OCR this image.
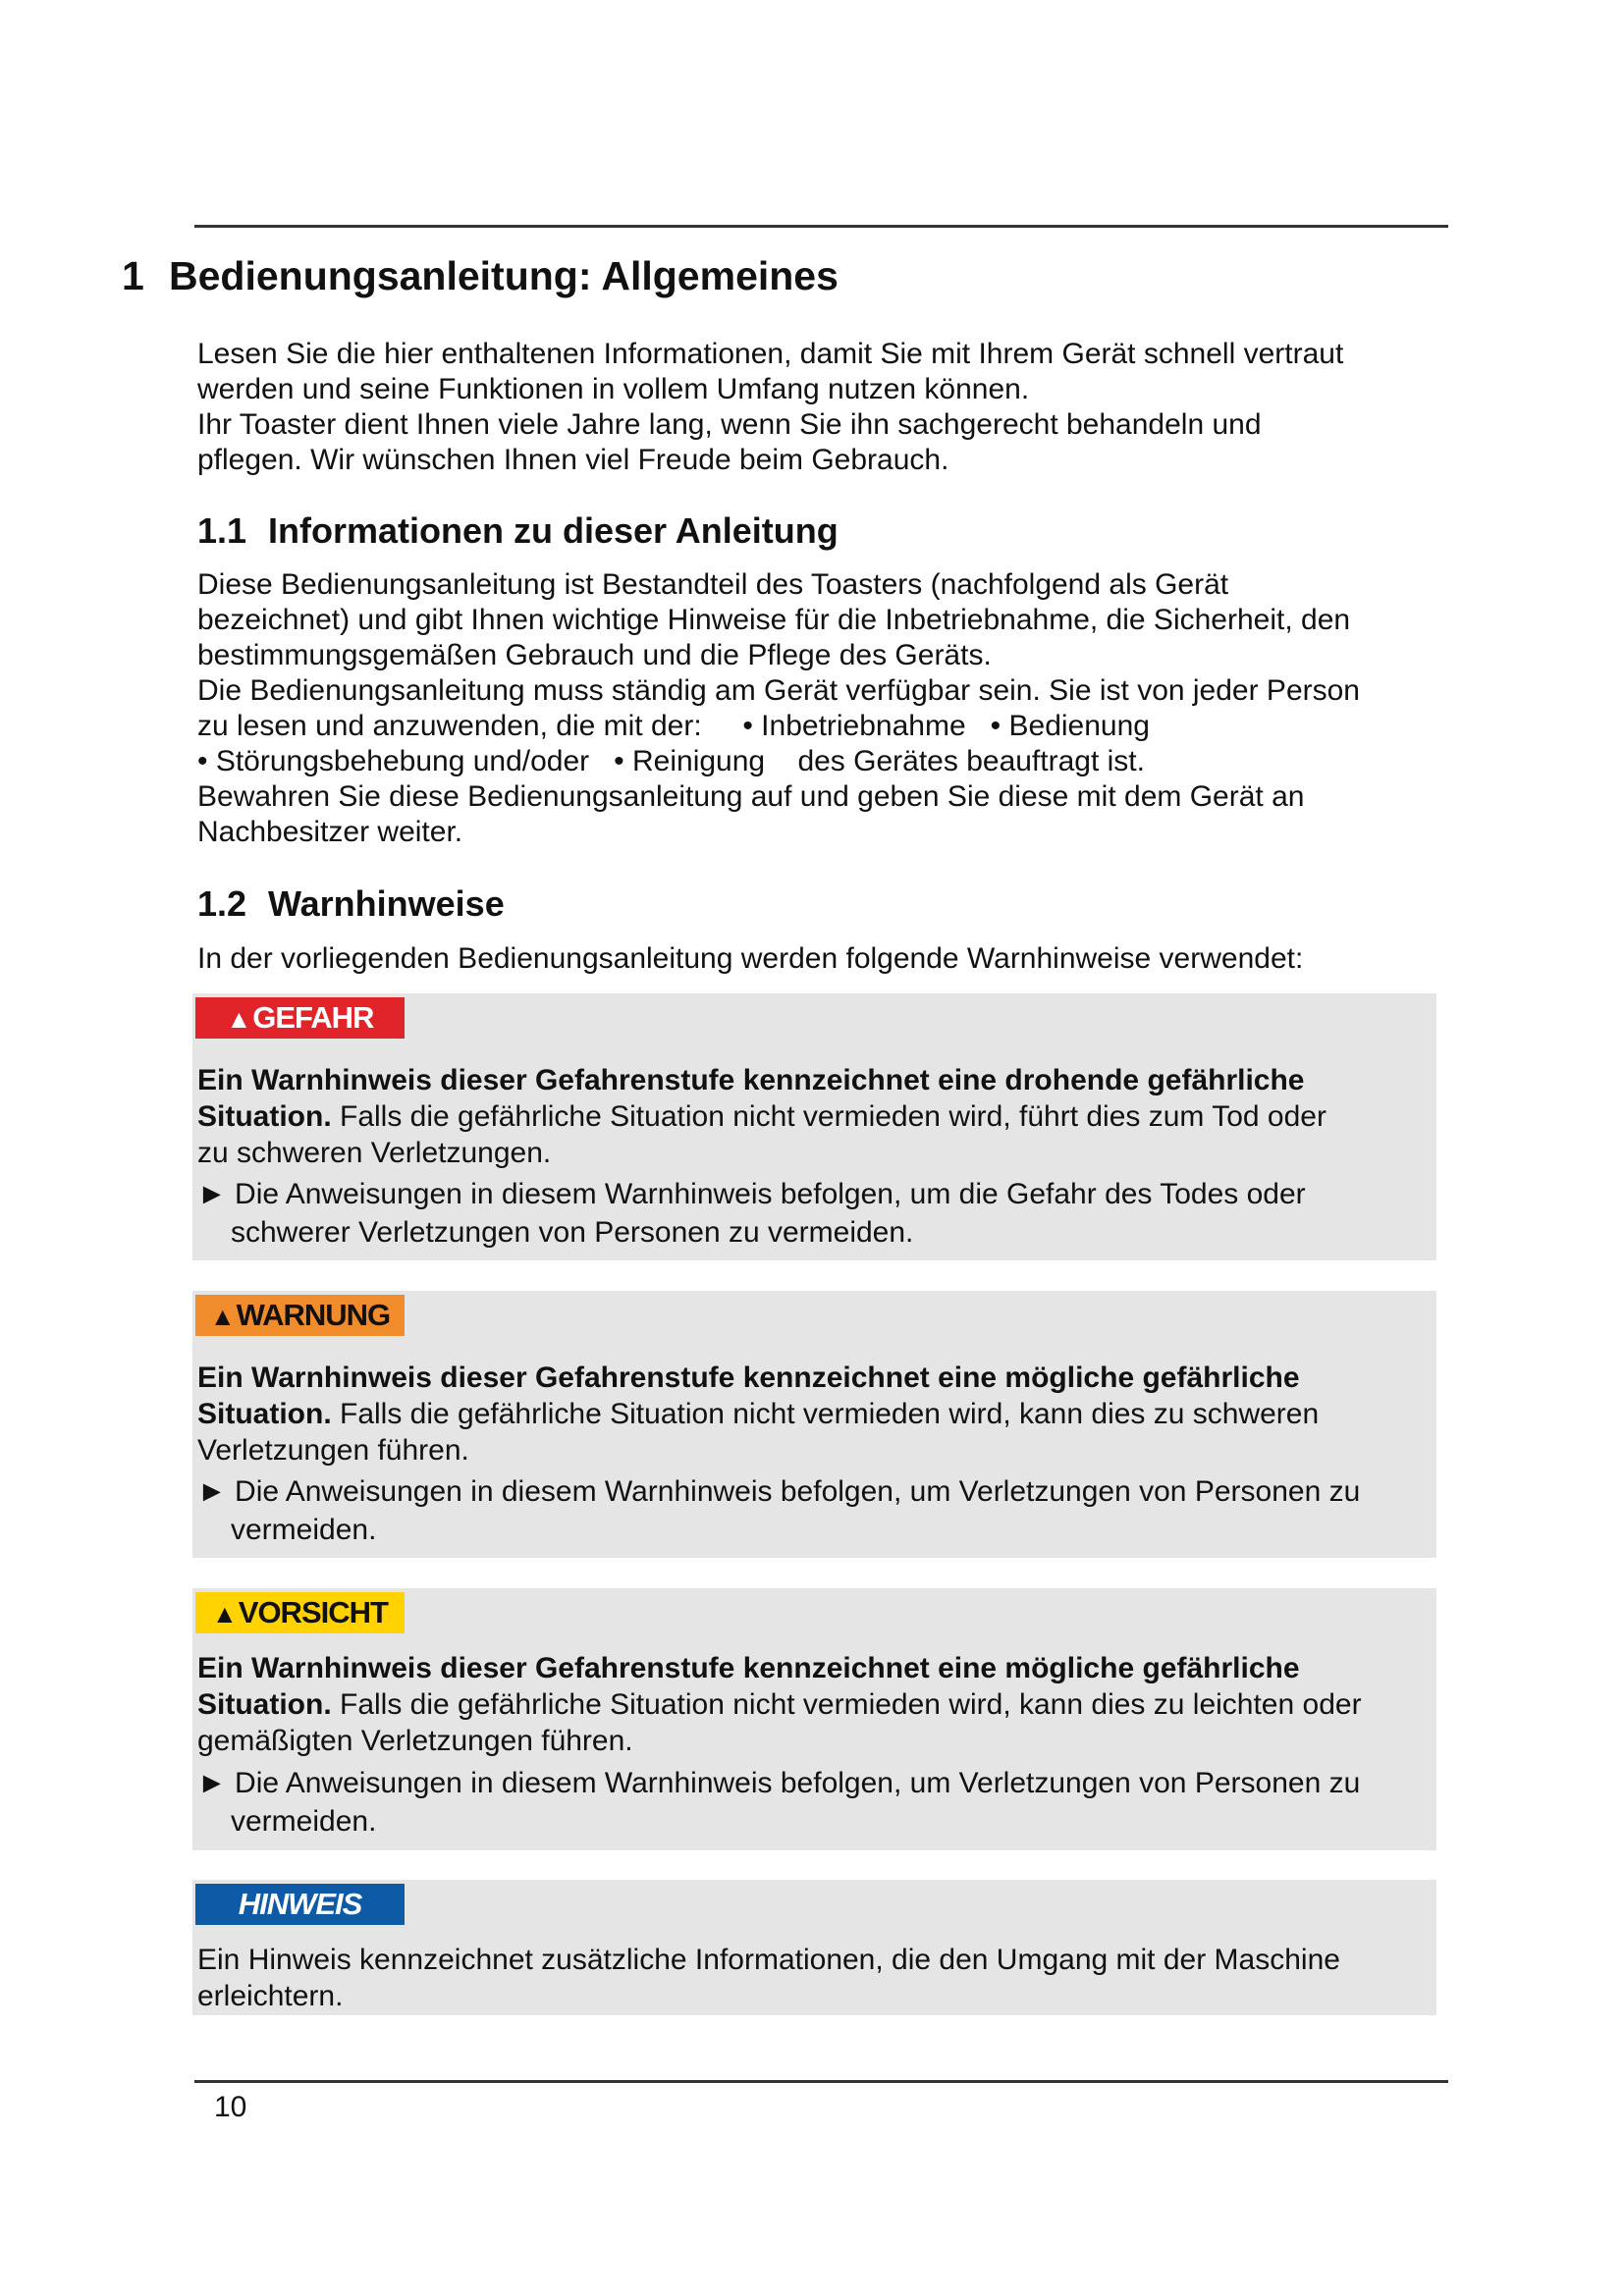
1 Bedienungsanleitung: Allgemeines
Lesen Sie die hier enthaltenen Informationen, damit Sie mit Ihrem Gerät schnell vertraut
werden und seine Funktionen in vollem Umfang nutzen können.
Ihr Toaster dient Ihnen viele Jahre lang, wenn Sie ihn sachgerecht behandeln und
pflegen. Wir wünschen Ihnen viel Freude beim Gebrauch.
1.1 Informationen zu dieser Anleitung
Diese Bedienungsanleitung ist Bestandteil des Toasters (nachfolgend als Gerät
bezeichnet) und gibt Ihnen wichtige Hinweise für die Inbetriebnahme, die Sicherheit, den
bestimmungsgemäßen Gebrauch und die Pflege des Geräts.
Die Bedienungsanleitung muss ständig am Gerät verfügbar sein. Sie ist von jeder Person
zu lesen und anzuwenden, die mit der:     • Inbetriebnahme   • Bedienung
• Störungsbehebung und/oder   • Reinigung    des Gerätes beauftragt ist.
Bewahren Sie diese Bedienungsanleitung auf und geben Sie diese mit dem Gerät an
Nachbesitzer weiter.
1.2 Warnhinweise
In der vorliegenden Bedienungsanleitung werden folgende Warnhinweise verwendet:
▲GEFAHR
Ein Warnhinweis dieser Gefahrenstufe kennzeichnet eine drohende gefährliche
Situation. Falls die gefährliche Situation nicht vermieden wird, führt dies zum Tod oder
zu schweren Verletzungen.
► Die Anweisungen in diesem Warnhinweis befolgen, um die Gefahr des Todes oder
schwerer Verletzungen von Personen zu vermeiden.
▲WARNUNG
Ein Warnhinweis dieser Gefahrenstufe kennzeichnet eine mögliche gefährliche
Situation. Falls die gefährliche Situation nicht vermieden wird, kann dies zu schweren
Verletzungen führen.
► Die Anweisungen in diesem Warnhinweis befolgen, um Verletzungen von Personen zu
vermeiden.
▲VORSICHT
Ein Warnhinweis dieser Gefahrenstufe kennzeichnet eine mögliche gefährliche
Situation. Falls die gefährliche Situation nicht vermieden wird, kann dies zu leichten oder
gemäßigten Verletzungen führen.
► Die Anweisungen in diesem Warnhinweis befolgen, um Verletzungen von Personen zu
vermeiden.
HINWEIS
Ein Hinweis kennzeichnet zusätzliche Informationen, die den Umgang mit der Maschine
erleichtern.
10
